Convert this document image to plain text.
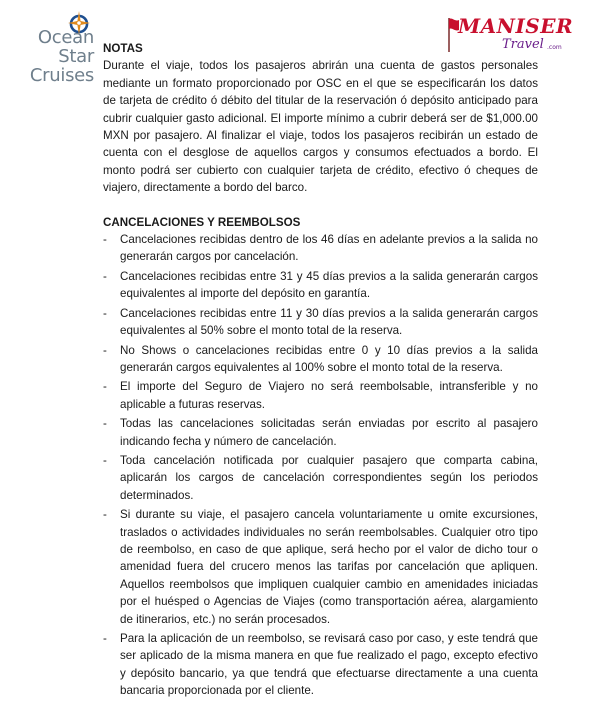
Ocean
Star
Cruises
MANISER
Travel .com

NOTAS

Durante el viaje, todos los pasajeros abrirán una cuenta de gastos personales mediante un formato proporcionado por OSC en el que se especificarán los datos de tarjeta de crédito ó débito del titular de la reservación ó depósito anticipado para cubrir cualquier gasto adicional. El importe mínimo a cubrir deberá ser de $1,000.00 MXN por pasajero. Al finalizar el viaje, todos los pasajeros recibirán un estado de cuenta con el desglose de aquellos cargos y consumos efectuados a bordo. El monto podrá ser cubierto con cualquier tarjeta de crédito, efectivo ó cheques de viajero, directamente a bordo del barco.

CANCELACIONES Y REEMBOLSOS

- Cancelaciones recibidas dentro de los 46 días en adelante previos a la salida no generarán cargos por cancelación.
- Cancelaciones recibidas entre 31 y 45 días previos a la salida generarán cargos equivalentes al importe del depósito en garantía.
- Cancelaciones recibidas entre 11 y 30 días previos a la salida generarán cargos equivalentes al 50% sobre el monto total de la reserva.
- No Shows o cancelaciones recibidas entre 0 y 10 días previos a la salida generarán cargos equivalentes al 100% sobre el monto total de la reserva.
- El importe del Seguro de Viajero no será reembolsable, intransferible y no aplicable a futuras reservas.
- Todas las cancelaciones solicitadas serán enviadas por escrito al pasajero indicando fecha y número de cancelación.
- Toda cancelación notificada por cualquier pasajero que comparta cabina, aplicarán los cargos de cancelación correspondientes según los periodos determinados.
- Si durante su viaje, el pasajero cancela voluntariamente u omite excursiones, traslados o actividades individuales no serán reembolsables. Cualquier otro tipo de reembolso, en caso de que aplique, será hecho por el valor de dicho tour o amenidad fuera del crucero menos las tarifas por cancelación que apliquen. Aquellos reembolsos que impliquen cualquier cambio en amenidades iniciadas por el huésped o Agencias de Viajes (como transportación aérea, alargamiento de itinerarios, etc.) no serán procesados.
- Para la aplicación de un reembolso, se revisará caso por caso, y este tendrá que ser aplicado de la misma manera en que fue realizado el pago, excepto efectivo y depósito bancario, ya que tendrá que efectuarse directamente a una cuenta bancaria proporcionada por el cliente.
